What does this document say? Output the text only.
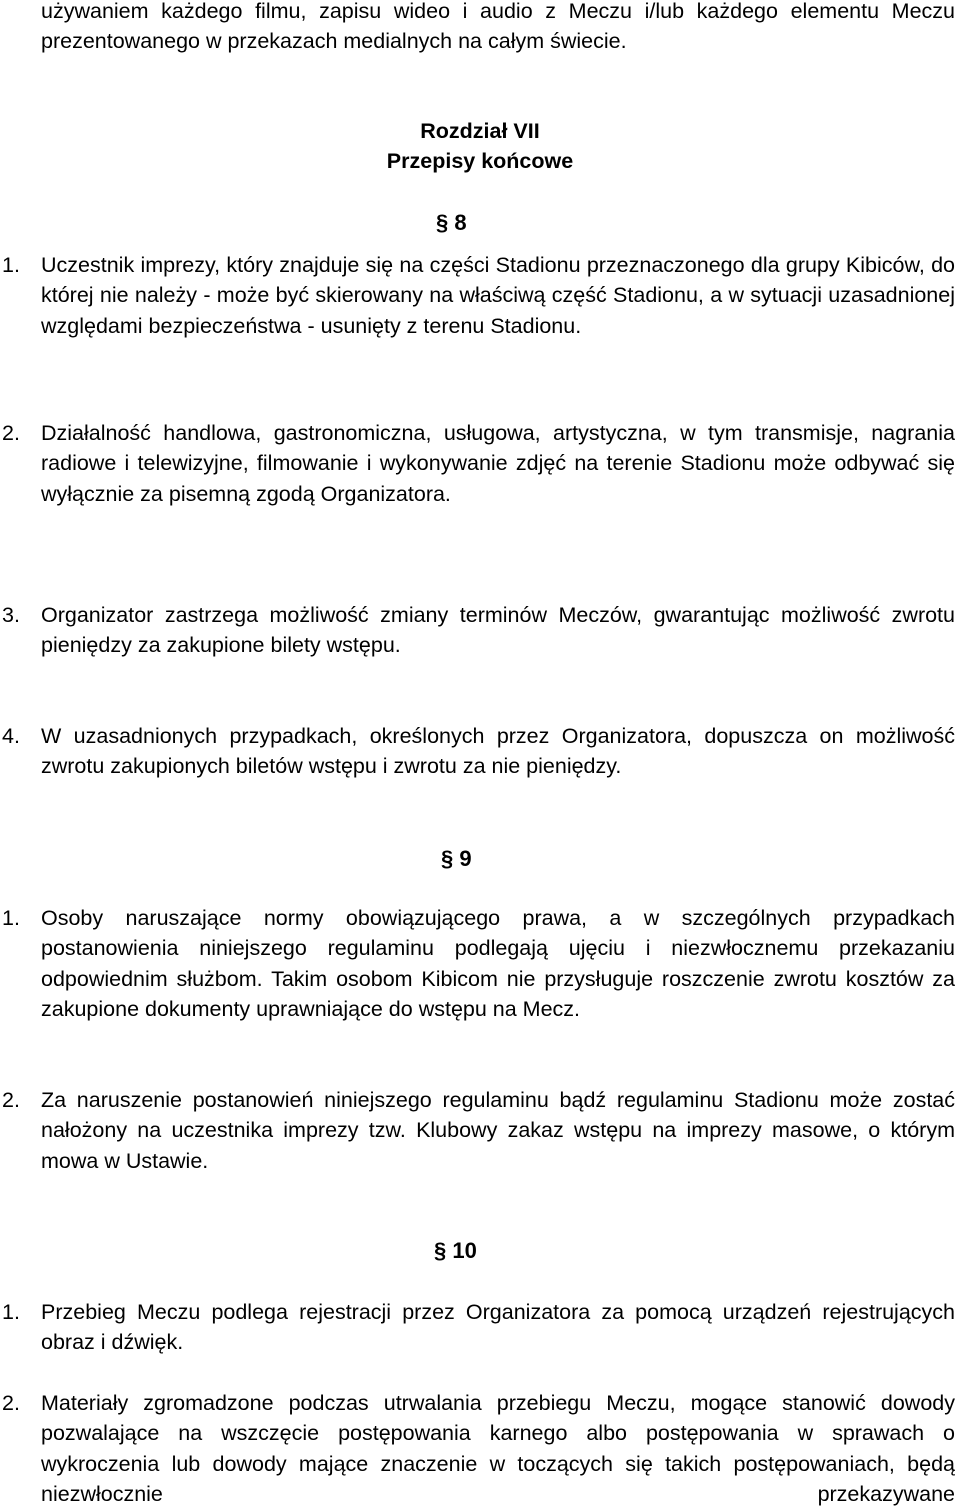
używaniem każdego filmu, zapisu wideo i audio z Meczu i/lub każdego elementu Meczu prezentowanego w przekazach medialnych na całym świecie.

Rozdział VII
Przepisy końcowe
§ 8
1. Uczestnik imprezy, który znajduje się na części Stadionu przeznaczonego dla grupy Kibiców, do której nie należy - może być skierowany na właściwą część Stadionu, a w sytuacji uzasadnionej względami bezpieczeństwa - usunięty z terenu Stadionu.

2. Działalność handlowa, gastronomiczna, usługowa, artystyczna, w tym transmisje, nagrania radiowe i telewizyjne, filmowanie i wykonywanie zdjęć na terenie Stadionu może odbywać się wyłącznie za pisemną zgodą Organizatora.

3. Organizator zastrzega możliwość zmiany terminów Meczów, gwarantując możliwość zwrotu pieniędzy za zakupione bilety wstępu.

4. W uzasadnionych przypadkach, określonych przez Organizatora, dopuszcza on możliwość zwrotu zakupionych biletów wstępu i zwrotu za nie pieniędzy.

§ 9
1. Osoby naruszające normy obowiązującego prawa, a w szczególnych przypadkach postanowienia niniejszego regulaminu podlegają ujęciu i niezwłocznemu przekazaniu odpowiednim służbom. Takim osobom Kibicom nie przysługuje roszczenie zwrotu kosztów za zakupione dokumenty uprawniające do wstępu na Mecz.

2. Za naruszenie postanowień niniejszego regulaminu bądź regulaminu Stadionu może zostać nałożony na uczestnika imprezy tzw. Klubowy zakaz wstępu na imprezy masowe, o którym mowa w Ustawie.

§ 10
1. Przebieg Meczu podlega rejestracji przez Organizatora za pomocą urządzeń rejestrujących obraz i dźwięk.

2. Materiały zgromadzone podczas utrwalania przebiegu Meczu, mogące stanowić dowody pozwalające na wszczęcie postępowania karnego albo postępowania w sprawach o wykroczenia lub dowody mające znaczenie w toczących się takich postępowaniach, będą niezwłocznie przekazywane
